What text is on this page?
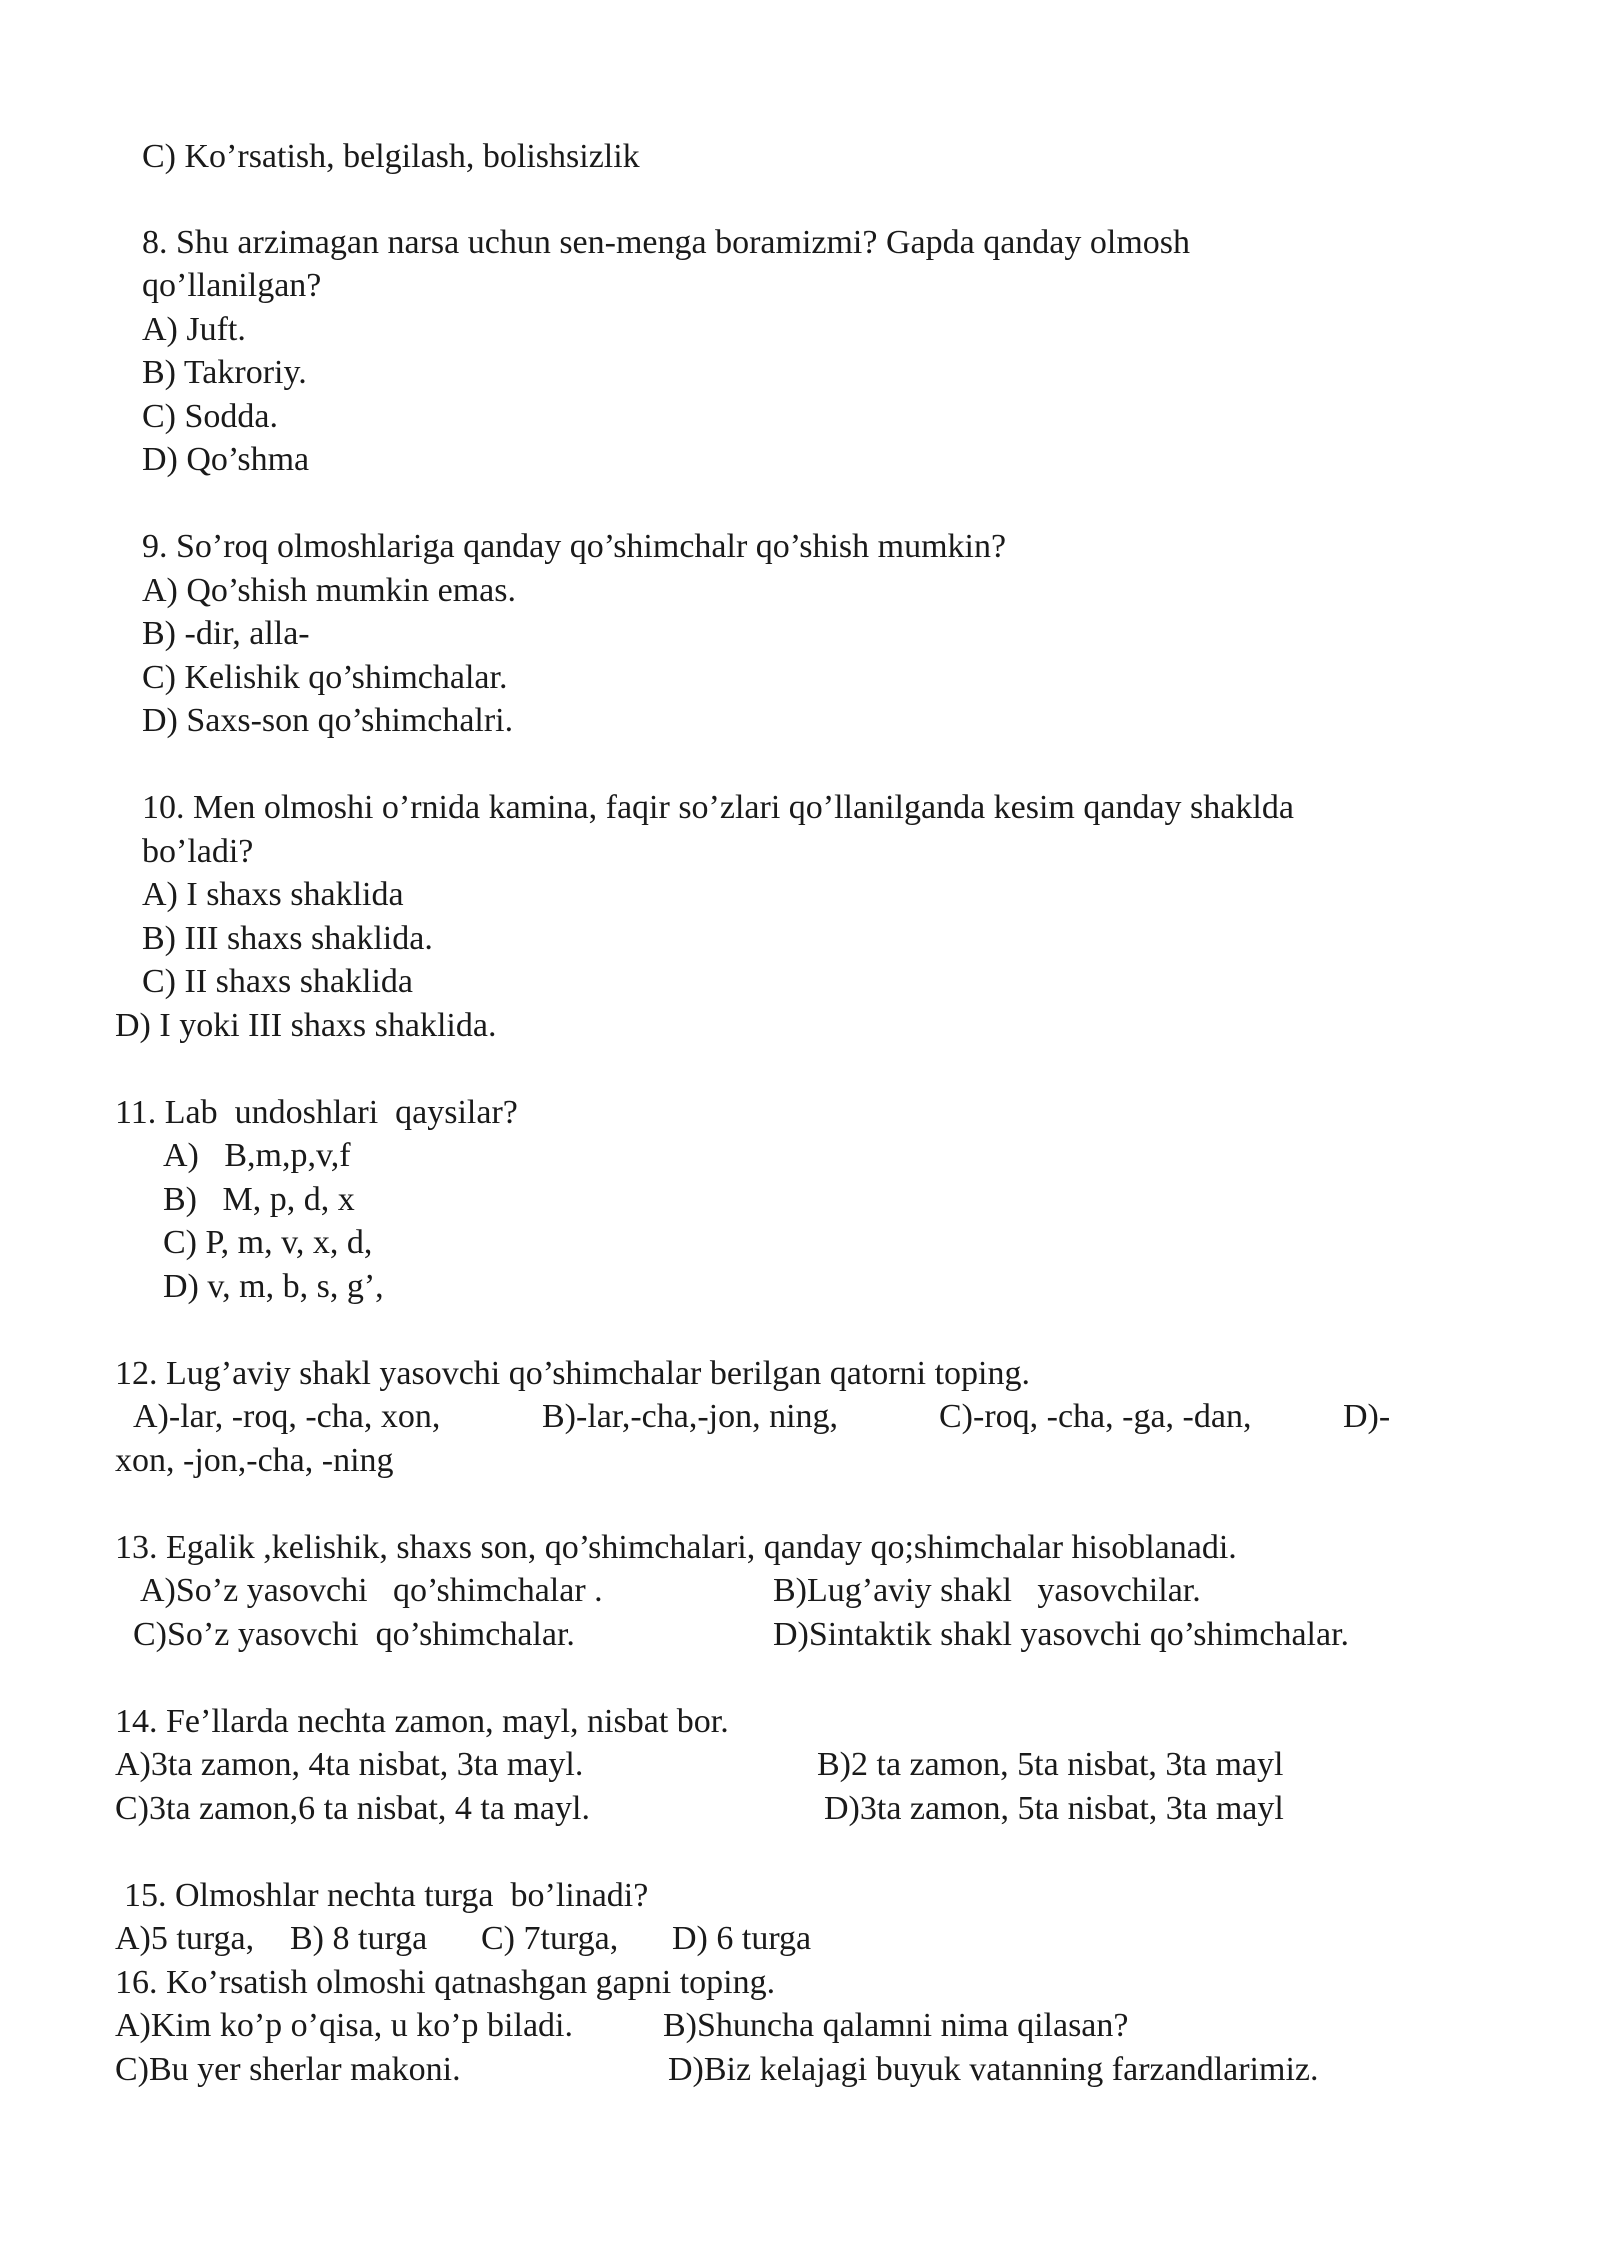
C) Ko’rsatish, belgilash, bolishsizlik
8. Shu arzimagan narsa uchun sen-menga boramizmi? Gapda qanday olmosh
qo’llanilgan?
A) Juft.
B) Takroriy.
C) Sodda.
D) Qo’shma
9. So’roq olmoshlariga qanday qo’shimchalr qo’shish mumkin?
A) Qo’shish mumkin emas.
B) -dir, alla-
C) Kelishik qo’shimchalar.
D) Saxs-son qo’shimchalri.
10. Men olmoshi o’rnida kamina, faqir so’zlari qo’llanilganda kesim qanday shaklda
bo’ladi?
A) I shaxs shaklida
B) III shaxs shaklida.
C) II shaxs shaklida
D) I yoki III shaxs shaklida.
11. Lab  undoshlari  qaysilar?
A)   B,m,p,v,f
B)   M, p, d, x
C) P, m, v, x, d,
D) v, m, b, s, g’,
12. Lug’aviy shakl yasovchi qo’shimchalar berilgan qatorni toping.
A)-lar, -roq, -cha, xon,	B)-lar,-cha,-jon, ning,	C)-roq, -cha, -ga, -dan,	D)-
xon, -jon,-cha, -ning
13. Egalik ,kelishik, shaxs son, qo’shimchalari, qanday qo;shimchalar hisoblanadi.
A)So’z yasovchi   qo’shimchalar .	B)Lug’aviy shakl   yasovchilar.
C)So’z yasovchi  qo’shimchalar.	D)Sintaktik shakl yasovchi qo’shimchalar.
14. Fe’llarda nechta zamon, mayl, nisbat bor.
A)3ta zamon, 4ta nisbat, 3ta mayl.	B)2 ta zamon, 5ta nisbat, 3ta mayl
C)3ta zamon,6 ta nisbat, 4 ta mayl.	D)3ta zamon, 5ta nisbat, 3ta mayl
15. Olmoshlar nechta turga  bo’linadi?
A)5 turga, B) 8 turga C) 7turga, D) 6 turga
16. Ko’rsatish olmoshi qatnashgan gapni toping.
A)Kim ko’p o’qisa, u ko’p biladi.	B)Shuncha qalamni nima qilasan?
C)Bu yer sherlar makoni.	D)Biz kelajagi buyuk vatanning farzandlarimiz.
